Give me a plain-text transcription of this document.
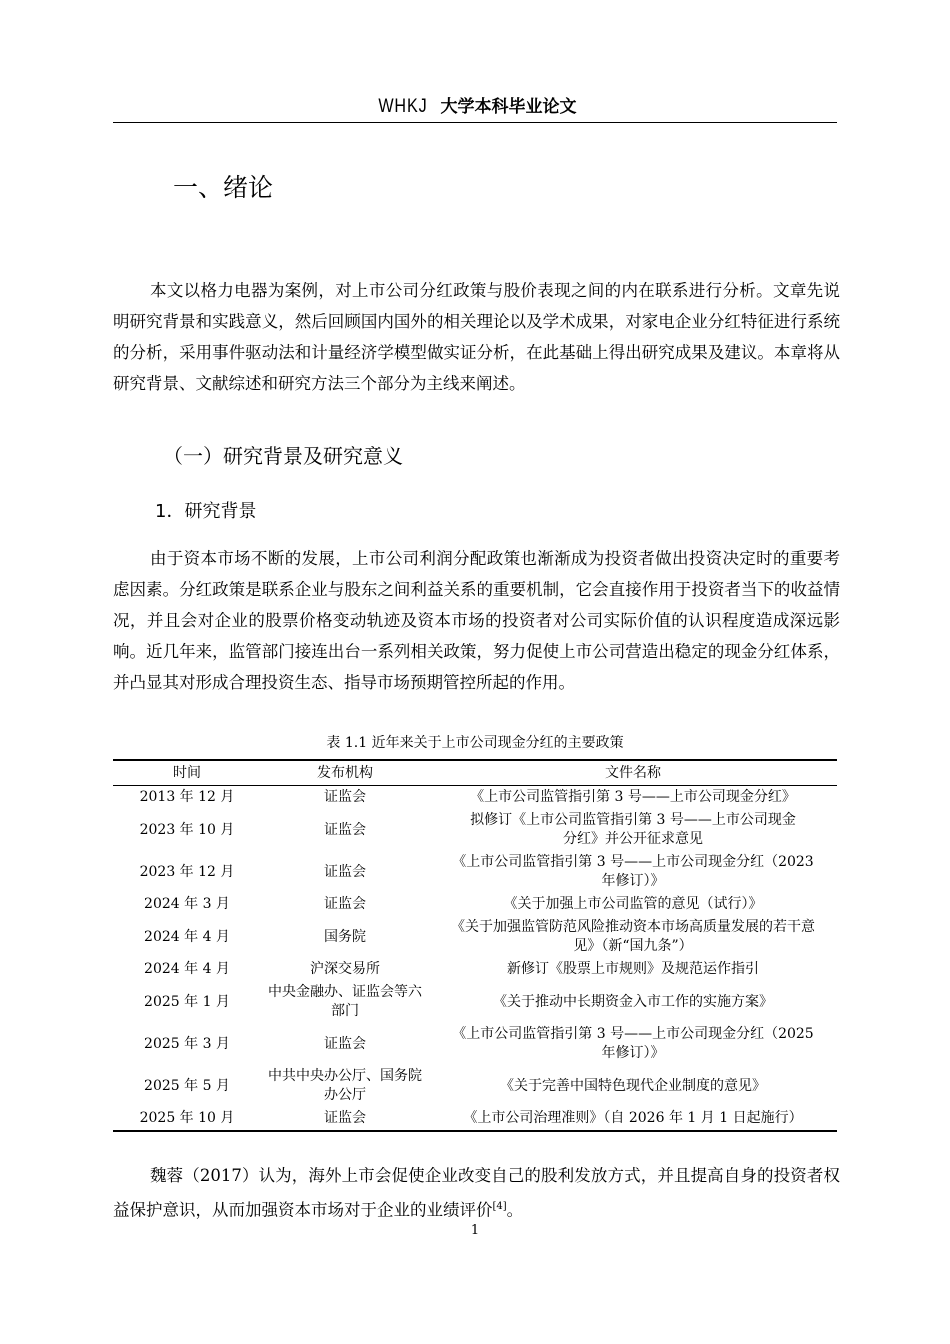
WHKJ 大学本科毕业论文
一、绪论

本文以格力电器为案例，对上市公司分红政策与股价表现之间的内在联系进行分析。文章先说明研究背景和实践意义，然后回顾国内国外的相关理论以及学术成果，对家电企业分红特征进行系统的分析，采用事件驱动法和计量经济学模型做实证分析，在此基础上得出研究成果及建议。本章将从研究背景、文献综述和研究方法三个部分为主线来阐述。

（一）研究背景及研究意义
1．研究背景

由于资本市场不断的发展，上市公司利润分配政策也渐渐成为投资者做出投资决定时的重要考虑因素。分红政策是联系企业与股东之间利益关系的重要机制，它会直接作用于投资者当下的收益情况，并且会对企业的股票价格变动轨迹及资本市场的投资者对公司实际价值的认识程度造成深远影响。近几年来，监管部门接连出台一系列相关政策，努力促使上市公司营造出稳定的现金分红体系，并凸显其对形成合理投资生态、指导市场预期管控所起的作用。

表 1.1 近年来关于上市公司现金分红的主要政策
时间	发布机构	文件名称
2013 年 12 月	证监会	《上市公司监管指引第 3 号——上市公司现金分红》
2023 年 10 月	证监会	拟修订《上市公司监管指引第 3 号——上市公司现金分红》并公开征求意见
2023 年 12 月	证监会	《上市公司监管指引第 3 号——上市公司现金分红（2023 年修订）》
2024 年 3 月	证监会	《关于加强上市公司监管的意见（试行）》
2024 年 4 月	国务院	《关于加强监管防范风险推动资本市场高质量发展的若干意见》（新“国九条”）
2024 年 4 月	沪深交易所	新修订《股票上市规则》及规范运作指引
2025 年 1 月	中央金融办、证监会等六部门	《关于推动中长期资金入市工作的实施方案》
2025 年 3 月	证监会	《上市公司监管指引第 3 号——上市公司现金分红（2025 年修订）》
2025 年 5 月	中共中央办公厅、国务院办公厅	《关于完善中国特色现代企业制度的意见》
2025 年 10 月	证监会	《上市公司治理准则》（自 2026 年 1 月 1 日起施行）

魏蓉（2017）认为，海外上市会促使企业改变自己的股利发放方式，并且提高自身的投资者权益保护意识，从而加强资本市场对于企业的业绩评价[4]。

1
